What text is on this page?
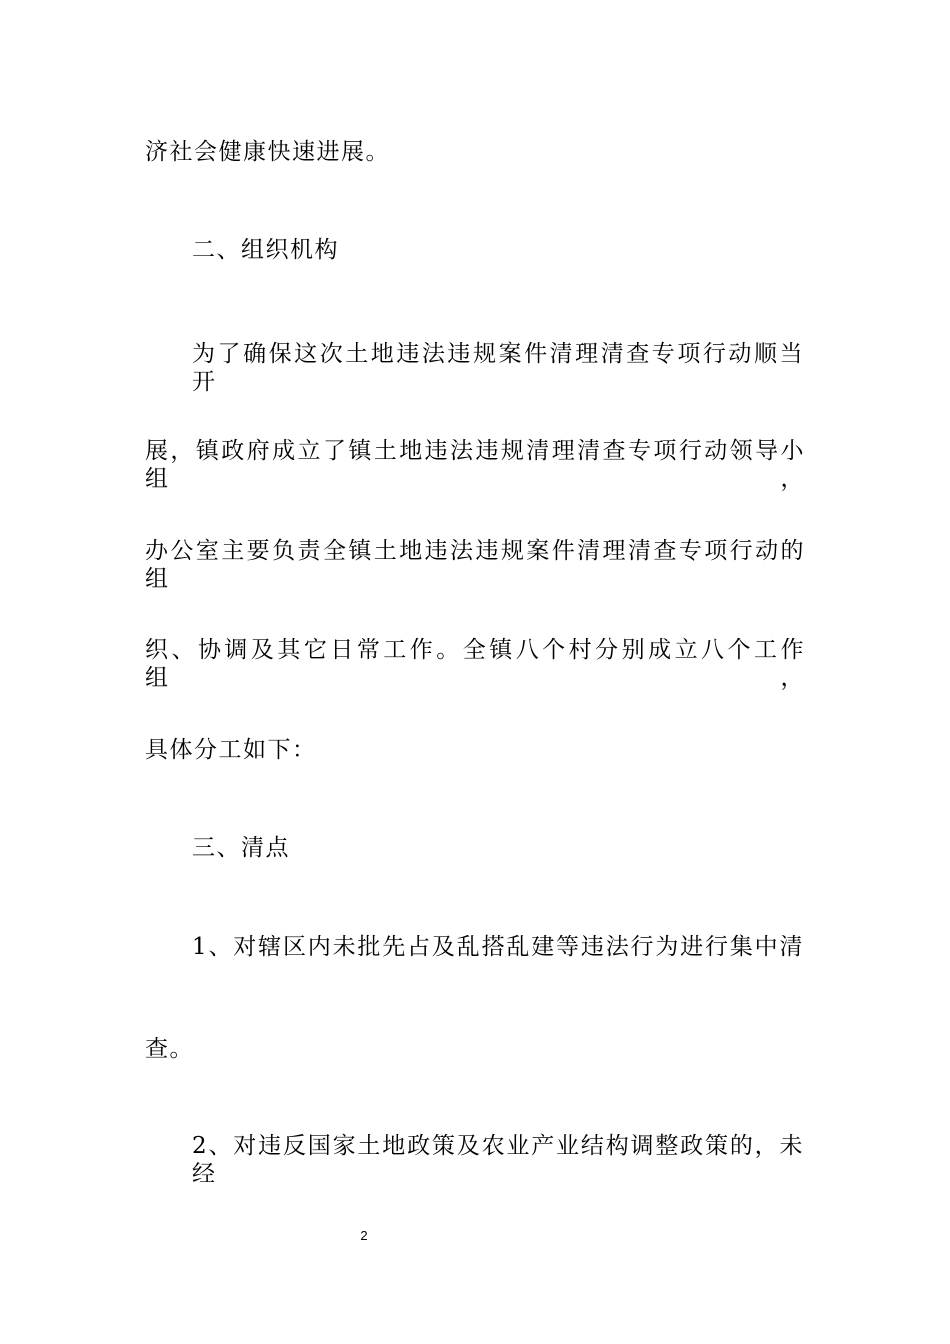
济社会健康快速进展。
二、组织机构
为了确保这次土地违法违规案件清理清查专项行动顺当开
展，镇政府成立了镇土地违法违规清理清查专项行动领导小组，
办公室主要负责全镇土地违法违规案件清理清查专项行动的组
织、协调及其它日常工作。全镇八个村分别成立八个工作组，
具体分工如下：
三、清点
1、对辖区内未批先占及乱搭乱建等违法行为进行集中清
查。
2、对违反国家土地政策及农业产业结构调整政策的，未经
2
